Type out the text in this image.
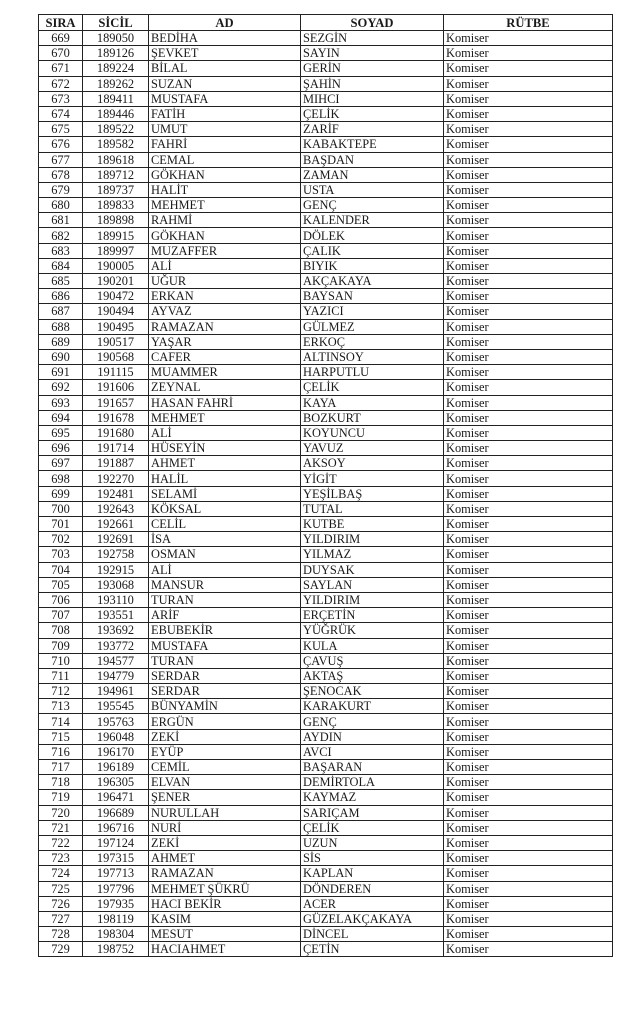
SIRA	SİCİL	AD	SOYAD	RÜTBE
669	189050	BEDİHA	SEZGİN	Komiser
670	189126	ŞEVKET	SAYIN	Komiser
671	189224	BİLAL	GERİN	Komiser
672	189262	SUZAN	ŞAHİN	Komiser
673	189411	MUSTAFA	MIHCI	Komiser
674	189446	FATİH	ÇELİK	Komiser
675	189522	UMUT	ZARİF	Komiser
676	189582	FAHRİ	KABAKTEPE	Komiser
677	189618	CEMAL	BAŞDAN	Komiser
678	189712	GÖKHAN	ZAMAN	Komiser
679	189737	HALİT	USTA	Komiser
680	189833	MEHMET	GENÇ	Komiser
681	189898	RAHMİ	KALENDER	Komiser
682	189915	GÖKHAN	DÖLEK	Komiser
683	189997	MUZAFFER	ÇALIK	Komiser
684	190005	ALİ	BIYIK	Komiser
685	190201	UĞUR	AKÇAKAYA	Komiser
686	190472	ERKAN	BAYSAN	Komiser
687	190494	AYVAZ	YAZICI	Komiser
688	190495	RAMAZAN	GÜLMEZ	Komiser
689	190517	YAŞAR	ERKOÇ	Komiser
690	190568	CAFER	ALTINSOY	Komiser
691	191115	MUAMMER	HARPUTLU	Komiser
692	191606	ZEYNAL	ÇELİK	Komiser
693	191657	HASAN FAHRİ	KAYA	Komiser
694	191678	MEHMET	BOZKURT	Komiser
695	191680	ALİ	KOYUNCU	Komiser
696	191714	HÜSEYİN	YAVUZ	Komiser
697	191887	AHMET	AKSOY	Komiser
698	192270	HALİL	YİGİT	Komiser
699	192481	SELAMİ	YEŞİLBAŞ	Komiser
700	192643	KÖKSAL	TUTAL	Komiser
701	192661	CELİL	KUTBE	Komiser
702	192691	İSA	YILDIRIM	Komiser
703	192758	OSMAN	YILMAZ	Komiser
704	192915	ALİ	DUYSAK	Komiser
705	193068	MANSUR	SAYLAN	Komiser
706	193110	TURAN	YILDIRIM	Komiser
707	193551	ARİF	ERÇETİN	Komiser
708	193692	EBUBEKİR	YÜĞRÜK	Komiser
709	193772	MUSTAFA	KULA	Komiser
710	194577	TURAN	ÇAVUŞ	Komiser
711	194779	SERDAR	AKTAŞ	Komiser
712	194961	SERDAR	ŞENOCAK	Komiser
713	195545	BÜNYAMİN	KARAKURT	Komiser
714	195763	ERGÜN	GENÇ	Komiser
715	196048	ZEKİ	AYDIN	Komiser
716	196170	EYÜP	AVCI	Komiser
717	196189	CEMİL	BAŞARAN	Komiser
718	196305	ELVAN	DEMİRTOLA	Komiser
719	196471	ŞENER	KAYMAZ	Komiser
720	196689	NURULLAH	SARIÇAM	Komiser
721	196716	NURİ	ÇELİK	Komiser
722	197124	ZEKİ	UZUN	Komiser
723	197315	AHMET	SİS	Komiser
724	197713	RAMAZAN	KAPLAN	Komiser
725	197796	MEHMET ŞÜKRÜ	DÖNDEREN	Komiser
726	197935	HACI BEKİR	ACER	Komiser
727	198119	KASIM	GÜZELAKÇAKAYA	Komiser
728	198304	MESUT	DİNCEL	Komiser
729	198752	HACIAHMET	ÇETİN	Komiser
